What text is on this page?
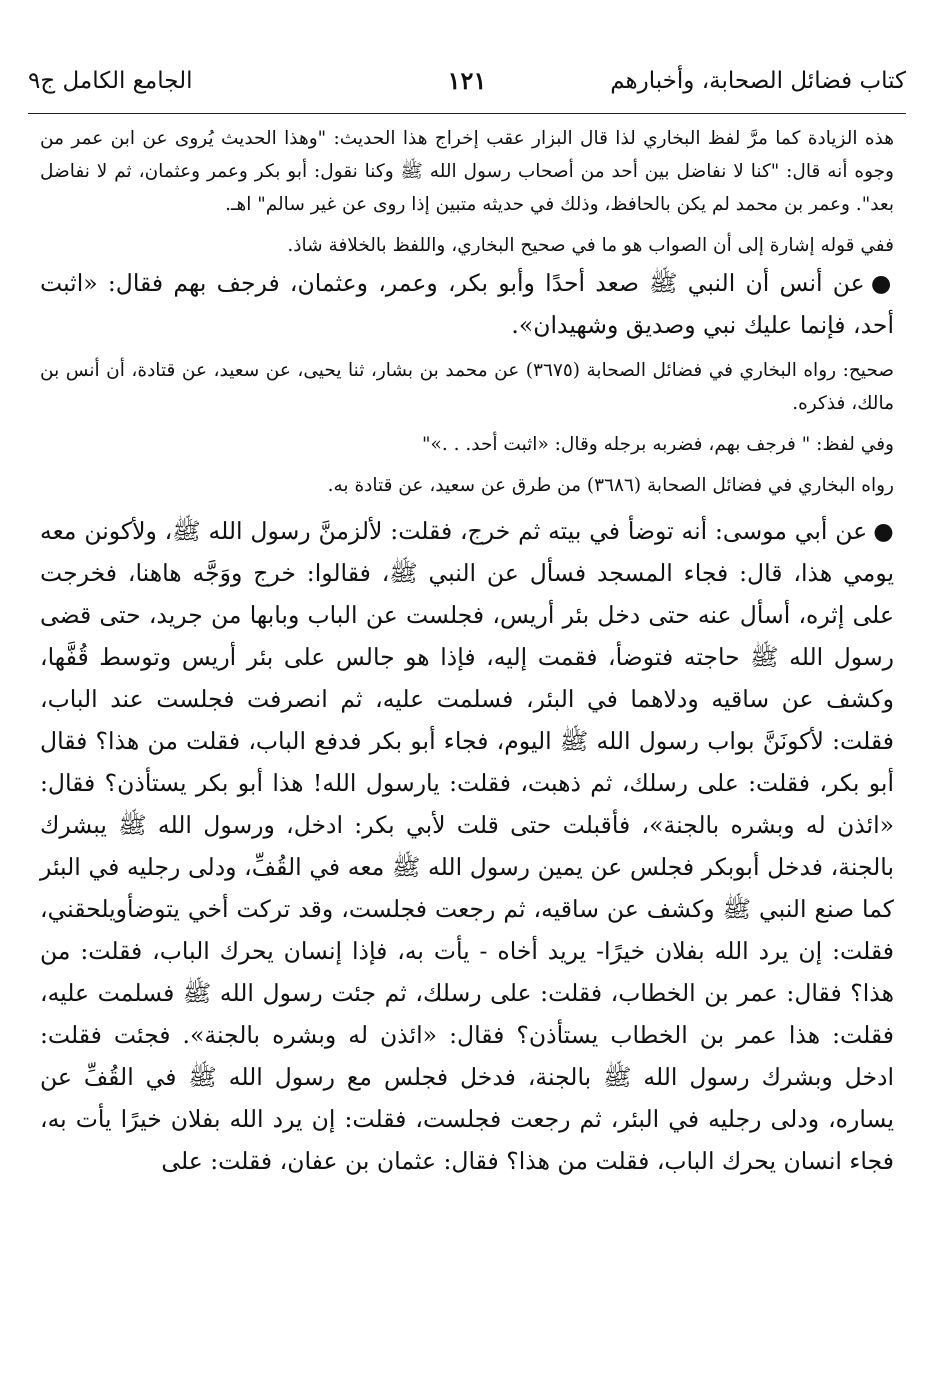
كتاب فضائل الصحابة، وأخبارهم
١٢١
الجامع الكامل ج٩

هذه الزيادة كما مرَّ لفظ البخاري لذا قال البزار عقب إخراج هذا الحديث: "وهذا الحديث يُروى عن ابن عمر من وجوه أنه قال: "كنا لا نفاضل بين أحد من أصحاب رسول الله ﷺ وكنا نقول: أبو بكر وعمر وعثمان، ثم لا نفاضل بعد". وعمر بن محمد لم يكن بالحافظ، وذلك في حديثه متبين إذا روى عن غير سالم" اهـ.

ففي قوله إشارة إلى أن الصواب هو ما في صحيح البخاري، واللفظ بالخلافة شاذ.

●عن أنس أن النبي ﷺ صعد أحدًا وأبو بكر، وعمر، وعثمان، فرجف بهم فقال: «اثبت أحد، فإنما عليك نبي وصديق وشهيدان».

صحيح: رواه البخاري في فضائل الصحابة (٣٦٧٥) عن محمد بن بشار، ثنا يحيى، عن سعيد، عن قتادة، أن أنس بن مالك، فذكره.

وفي لفظ: " فرجف بهم، فضربه برجله وقال: «اثبت أحد. . .»"

رواه البخاري في فضائل الصحابة (٣٦٨٦) من طرق عن سعيد، عن قتادة به.

●عن أبي موسى: أنه توضأ في بيته ثم خرج، فقلت: لألزمنَّ رسول الله ﷺ، ولأكونن معه يومي هذا، قال: فجاء المسجد فسأل عن النبي ﷺ، فقالوا: خرج ووَجَّه هاهنا، فخرجت على إثره، أسأل عنه حتى دخل بئر أريس، فجلست عن الباب وبابها من جريد، حتى قضى رسول الله ﷺ حاجته فتوضأ، فقمت إليه، فإذا هو جالس على بئر أريس وتوسط قُفَّها، وكشف عن ساقيه ودلاهما في البئر، فسلمت عليه، ثم انصرفت فجلست عند الباب، فقلت: لأكونَنَّ بواب رسول الله ﷺ اليوم، فجاء أبو بكر فدفع الباب، فقلت من هذا؟ فقال أبو بكر، فقلت: على رسلك، ثم ذهبت، فقلت: يارسول الله! هذا أبو بكر يستأذن؟ فقال: «ائذن له وبشره بالجنة»، فأقبلت حتى قلت لأبي بكر: ادخل، ورسول الله ﷺ يبشرك بالجنة، فدخل أبوبكر فجلس عن يمين رسول الله ﷺ معه في القُفِّ، ودلى رجليه في البئر كما صنع النبي ﷺ وكشف عن ساقيه، ثم رجعت فجلست، وقد تركت أخي يتوضأويلحقني، فقلت: إن يرد الله بفلان خيرًا- يريد أخاه - يأت به، فإذا إنسان يحرك الباب، فقلت: من هذا؟ فقال: عمر بن الخطاب، فقلت: على رسلك، ثم جئت رسول الله ﷺ فسلمت عليه، فقلت: هذا عمر بن الخطاب يستأذن؟ فقال: «ائذن له وبشره بالجنة». فجئت فقلت: ادخل وبشرك رسول الله ﷺ بالجنة، فدخل فجلس مع رسول الله ﷺ في القُفِّ عن يساره، ودلى رجليه في البئر، ثم رجعت فجلست، فقلت: إن يرد الله بفلان خيرًا يأت به، فجاء انسان يحرك الباب، فقلت من هذا؟ فقال: عثمان بن عفان، فقلت: على
